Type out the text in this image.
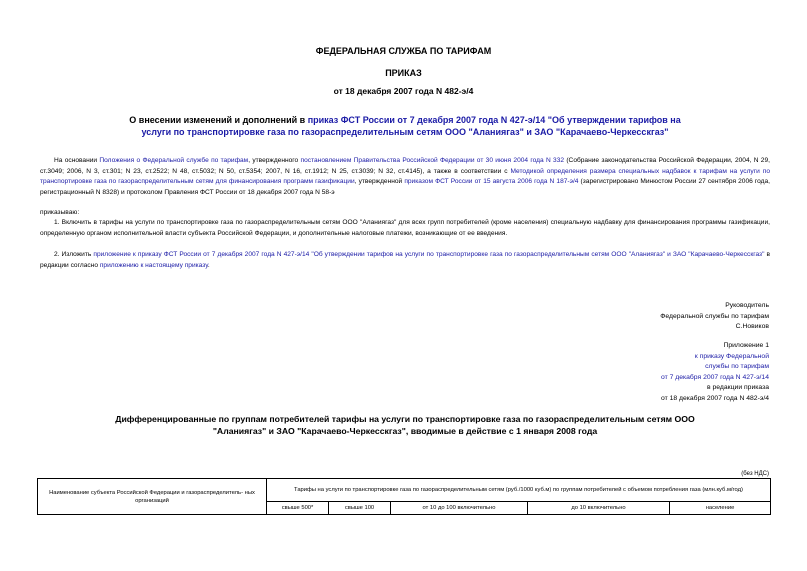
ФЕДЕРАЛЬНАЯ СЛУЖБА ПО ТАРИФАМ
ПРИКАЗ
от 18 декабря 2007 года N 482-э/4
О внесении изменений и дополнений в приказ ФСТ России от 7 декабря 2007 года N 427-э/14 "Об утверждении тарифов на услуги по транспортировке газа по газораспределительным сетям ООО "Аланиягаз" и ЗАО "Карачаево-Черкесскгаз"
На основании Положения о Федеральной службе по тарифам, утвержденного постановлением Правительства Российской Федерации от 30 июня 2004 года N 332 (Собрание законодательства Российской Федерации, 2004, N 29, ст.3049; 2006, N 3, ст.301; N 23, ст.2522; N 48, ст.5032; N 50, ст.5354; 2007, N 16, ст.1912; N 25, ст.3039; N 32, ст.4145), а также в соответствии с Методикой определения размера специальных надбавок к тарифам на услуги по транспортировке газа по газораспределительным сетям для финансирования программ газификации, утвержденной приказом ФСТ России от 15 августа 2006 года N 187-э/4 (зарегистрировано Минюстом России 27 сентября 2006 года, регистрационный N 8328) и протоколом Правления ФСТ России от 18 декабря 2007 года N 58-э
приказываю:
1. Включить в тарифы на услуги по транспортировке газа по газораспределительным сетям ООО "Аланиягаз" для всех групп потребителей (кроме населения) специальную надбавку для финансирования программы газификации, определенную органом исполнительной власти субъекта Российской Федерации, и дополнительные налоговые платежи, возникающие от ее введения.
2. Изложить приложение к приказу ФСТ России от 7 декабря 2007 года N 427-э/14 "Об утверждении тарифов на услуги по транспортировке газа по газораспределительным сетям ООО "Аланиягаз" и ЗАО "Карачаево-Черкесскгаз" в редакции согласно приложению к настоящему приказу.
Руководитель
Федеральной службы по тарифам
С.Новиков
Приложение 1
к приказу Федеральной
службы по тарифам
от 7 декабря 2007 года N 427-э/14
в редакции приказа
от 18 декабря 2007 года N 482-э/4
Дифференцированные по группам потребителей тарифы на услуги по транспортировке газа по газораспределительным сетям ООО "Аланиягаз" и ЗАО "Карачаево-Черкесскгаз", вводимые в действие с 1 января 2008 года
(без НДС)
Наименование субъекта Российской Федерации и газораспределитель- ных организаций	Тарифы на услуги по транспортировке газа по газораспределительным сетям (руб./1000 куб.м) по группам потребителей с объемом потребления газа (млн.куб.м/год)				
	свыше 500*	свыше 100	от 10 до 100 включительно	до 10 включительно	население
